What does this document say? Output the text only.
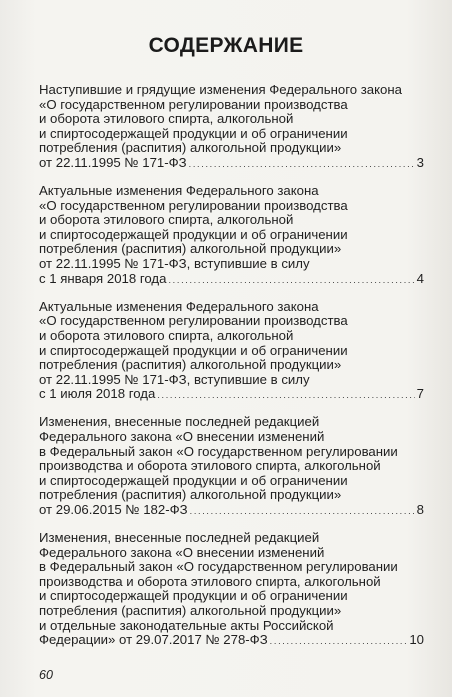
СОДЕРЖАНИЕ
Наступившие и грядущие изменения Федерального закона
«О государственном регулировании производства
и оборота этилового спирта, алкогольной
и спиртосодержащей продукции и об ограничении
потребления (распития) алкогольной продукции»
от 22.11.1995 № 171-ФЗ . . .	3
Актуальные изменения Федерального закона
«О государственном регулировании производства
и оборота этилового спирта, алкогольной
и спиртосодержащей продукции и об ограничении
потребления (распития) алкогольной продукции»
от 22.11.1995 № 171-ФЗ, вступившие в силу
с 1 января 2018 года . . .	4
Актуальные изменения Федерального закона
«О государственном регулировании производства
и оборота этилового спирта, алкогольной
и спиртосодержащей продукции и об ограничении
потребления (распития) алкогольной продукции»
от 22.11.1995 № 171-ФЗ, вступившие в силу
с 1 июля 2018 года . . .	7
Изменения, внесенные последней редакцией
Федерального закона «О внесении изменений
в Федеральный закон «О государственном регулировании
производства и оборота этилового спирта, алкогольной
и спиртосодержащей продукции и об ограничении
потребления (распития) алкогольной продукции»
от 29.06.2015 № 182-ФЗ . . .	8
Изменения, внесенные последней редакцией
Федерального закона «О внесении изменений
в Федеральный закон «О государственном регулировании
производства и оборота этилового спирта, алкогольной
и спиртосодержащей продукции и об ограничении
потребления (распития) алкогольной продукции»
и отдельные законодательные акты Российской
Федерации» от 29.07.2017 № 278-ФЗ . . .	10
60
